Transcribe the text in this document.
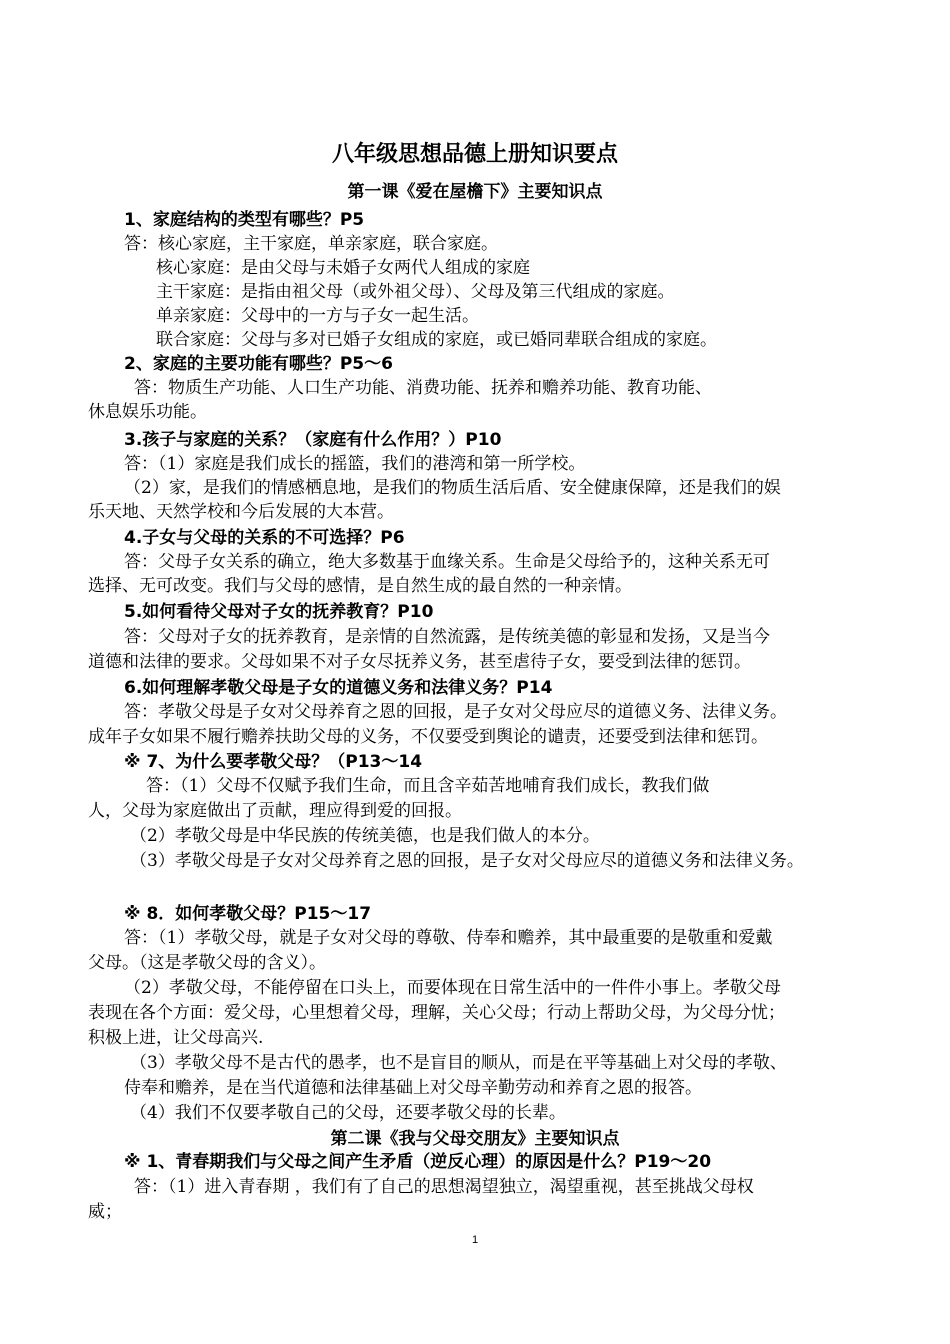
八年级思想品德上册知识要点
第一课《爱在屋檐下》主要知识点
第二课《我与父母交朋友》主要知识点
1、家庭结构的类型有哪些？P5
答：核心家庭，主干家庭，单亲家庭，联合家庭。
核心家庭：是由父母与未婚子女两代人组成的家庭
主干家庭：是指由祖父母（或外祖父母）、父母及第三代组成的家庭。
单亲家庭：父母中的一方与子女一起生活。
联合家庭：父母与多对已婚子女组成的家庭，或已婚同辈联合组成的家庭。
2、家庭的主要功能有哪些？P5～6
答：物质生产功能、人口生产功能、消费功能、抚养和赡养功能、教育功能、
休息娱乐功能。
3.孩子与家庭的关系？（家庭有什么作用？）P10
答：（1）家庭是我们成长的摇篮，我们的港湾和第一所学校。
（2）家，是我们的情感栖息地，是我们的物质生活后盾、安全健康保障，还是我们的娱
乐天地、天然学校和今后发展的大本营。
4.子女与父母的关系的不可选择？P6
答：父母子女关系的确立，绝大多数基于血缘关系。生命是父母给予的，这种关系无可
选择、无可改变。我们与父母的感情，是自然生成的最自然的一种亲情。
5.如何看待父母对子女的抚养教育？P10
答：父母对子女的抚养教育，是亲情的自然流露，是传统美德的彰显和发扬，又是当今
道德和法律的要求。父母如果不对子女尽抚养义务，甚至虐待子女，要受到法律的惩罚。
6.如何理解孝敬父母是子女的道德义务和法律义务？P14
答：孝敬父母是子女对父母养育之恩的回报，是子女对父母应尽的道德义务、法律义务。
成年子女如果不履行赡养扶助父母的义务，不仅要受到舆论的谴责，还要受到法律和惩罚。
※ 7、为什么要孝敬父母？（P13～14
答：（1）父母不仅赋予我们生命，而且含辛茹苦地哺育我们成长，教我们做
人，父母为家庭做出了贡献，理应得到爱的回报。
（2）孝敬父母是中华民族的传统美德，也是我们做人的本分。
（3）孝敬父母是子女对父母养育之恩的回报，是子女对父母应尽的道德义务和法律义务。
※ 8．如何孝敬父母？P15～17
答：（1）孝敬父母，就是子女对父母的尊敬、侍奉和赡养，其中最重要的是敬重和爱戴
父母。（这是孝敬父母的含义）。
（2）孝敬父母，不能停留在口头上，而要体现在日常生活中的一件件小事上。孝敬父母
表现在各个方面：爱父母，心里想着父母，理解，关心父母；行动上帮助父母，为父母分忧；
积极上进，让父母高兴.
（3）孝敬父母不是古代的愚孝，也不是盲目的顺从，而是在平等基础上对父母的孝敬、
侍奉和赡养，是在当代道德和法律基础上对父母辛勤劳动和养育之恩的报答。
（4）我们不仅要孝敬自己的父母，还要孝敬父母的长辈。
※ 1、青春期我们与父母之间产生矛盾（逆反心理）的原因是什么？P19～20
答：（1）进入青春期 ，我们有了自己的思想渴望独立，渴望重视，甚至挑战父母权
威；
1
